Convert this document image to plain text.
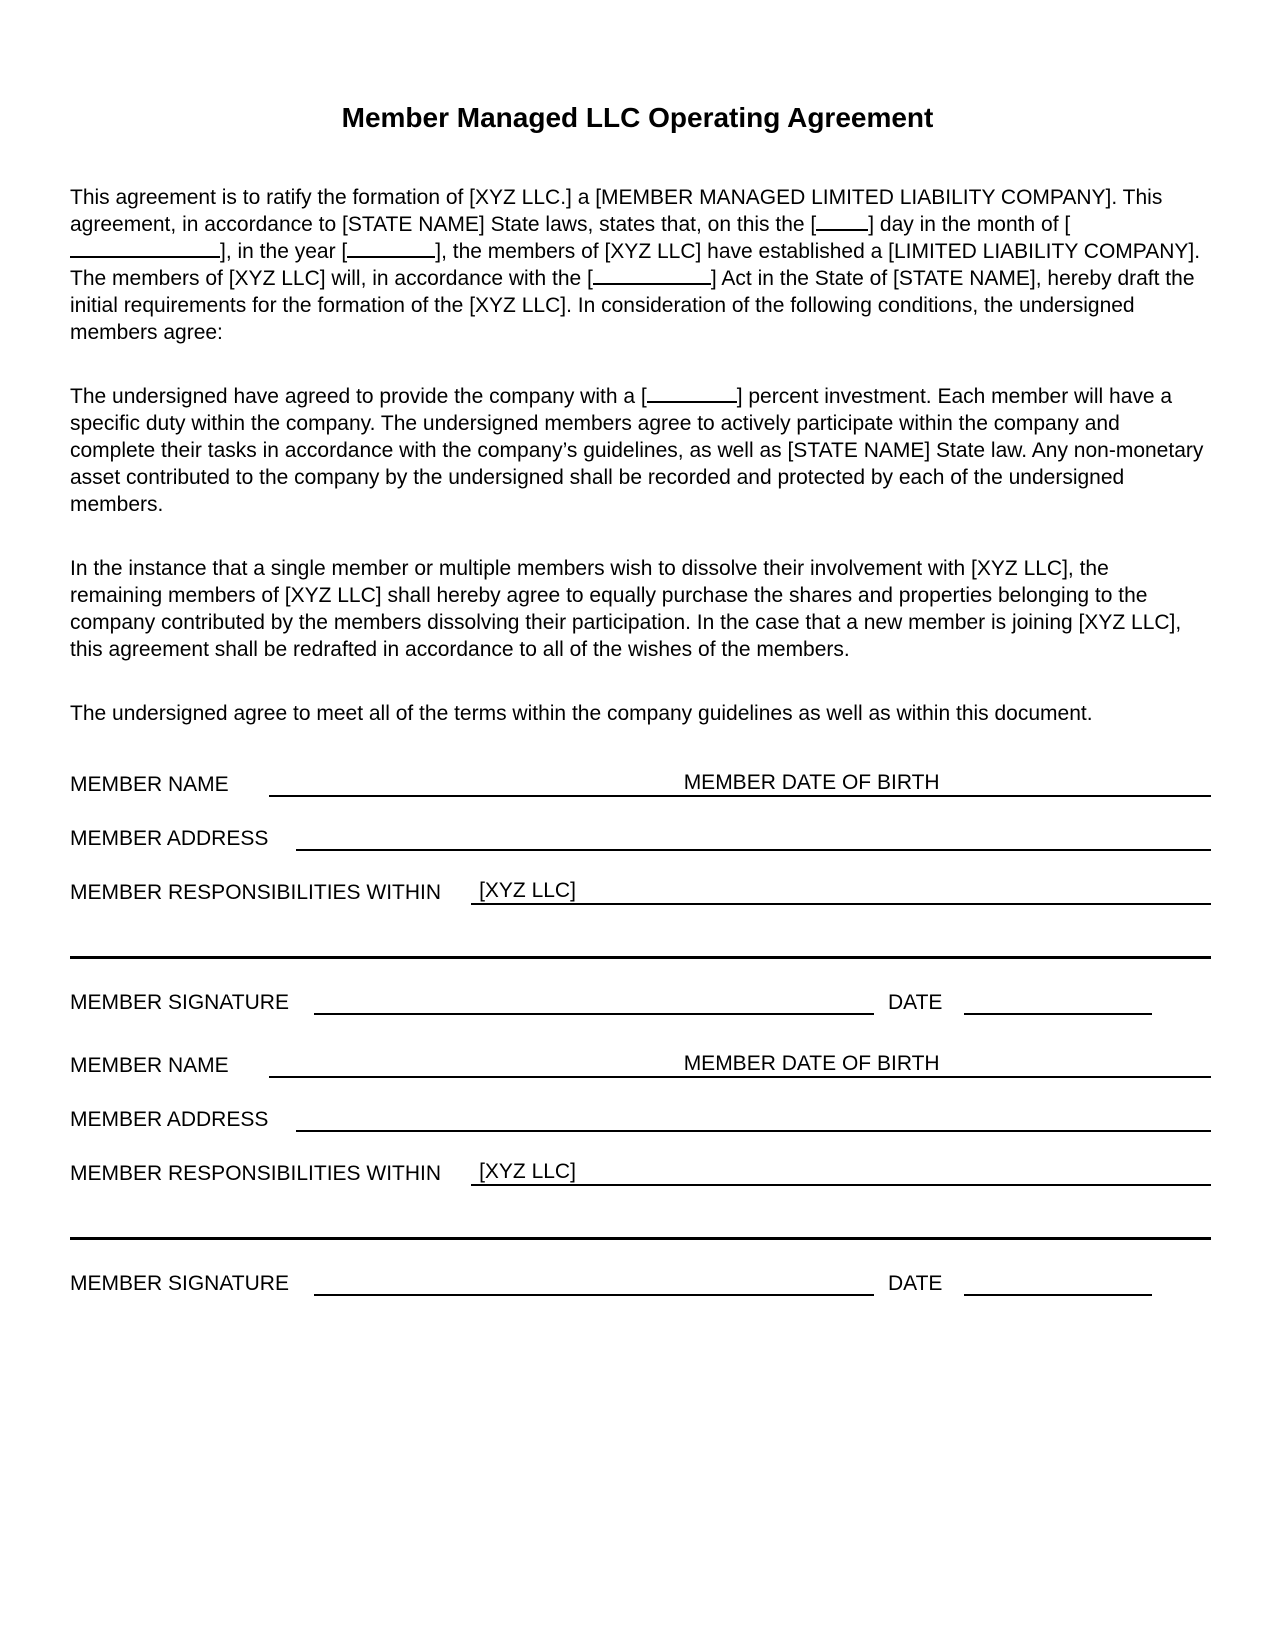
Member Managed LLC Operating Agreement

This agreement is to ratify the formation of [XYZ LLC.] a [MEMBER MANAGED LIMITED LIABILITY COMPANY]. This agreement, in accordance to [STATE NAME] State laws, states that, on this the [ ] day in the month of [], in the year [	], the members of [XYZ LLC] have established a [LIMITED LIABILITY COMPANY]. The members of [XYZ LLC] will, in accordance with the [	] Act in the State of [STATE NAME], hereby draft the initial requirements for the formation of the [XYZ LLC]. In consideration of the following conditions, the undersigned members agree:

The undersigned have agreed to provide the company with a [	] percent investment. Each member will have a specific duty within the company. The undersigned members agree to actively participate within the company and complete their tasks in accordance with the company’s guidelines, as well as [STATE NAME] State law. Any non-monetary asset contributed to the company by the undersigned shall be recorded and protected by each of the undersigned members.

In the instance that a single member or multiple members wish to dissolve their involvement with [XYZ LLC], the remaining members of [XYZ LLC] shall hereby agree to equally purchase the shares and properties belonging to the company contributed by the members dissolving their participation. In the case that a new member is joining [XYZ LLC], this agreement shall be redrafted in accordance to all of the wishes of the members.

The undersigned agree to meet all of the terms within the company guidelines as well as within this document.

MEMBER NAME	MEMBER DATE OF BIRTH
MEMBER ADDRESS
MEMBER RESPONSIBILITIES WITHIN	[XYZ LLC]
MEMBER SIGNATURE	DATE
MEMBER NAME	MEMBER DATE OF BIRTH
MEMBER ADDRESS
MEMBER RESPONSIBILITIES WITHIN	[XYZ LLC]
MEMBER SIGNATURE	DATE
